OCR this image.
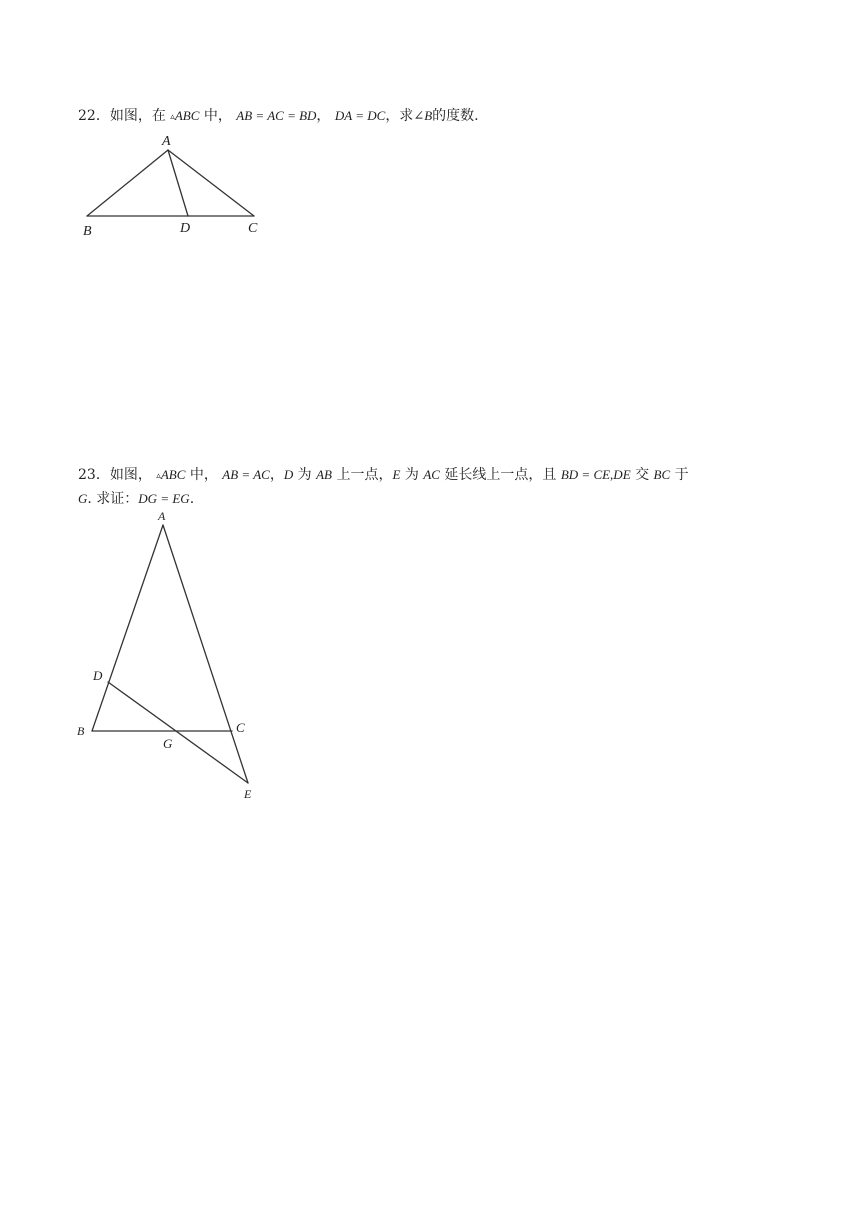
22．如图，在 ▵ABC 中， AB = AC = BD， DA = DC，求∠B的度数.
A
B	D	C
23．如图， ▵ABC 中， AB = AC，D 为 AB 上一点，E 为 AC 延长线上一点，且 BD = CE,DE 交 BC 于
G. 求证：DG = EG.
A
D
B	C
G
E
